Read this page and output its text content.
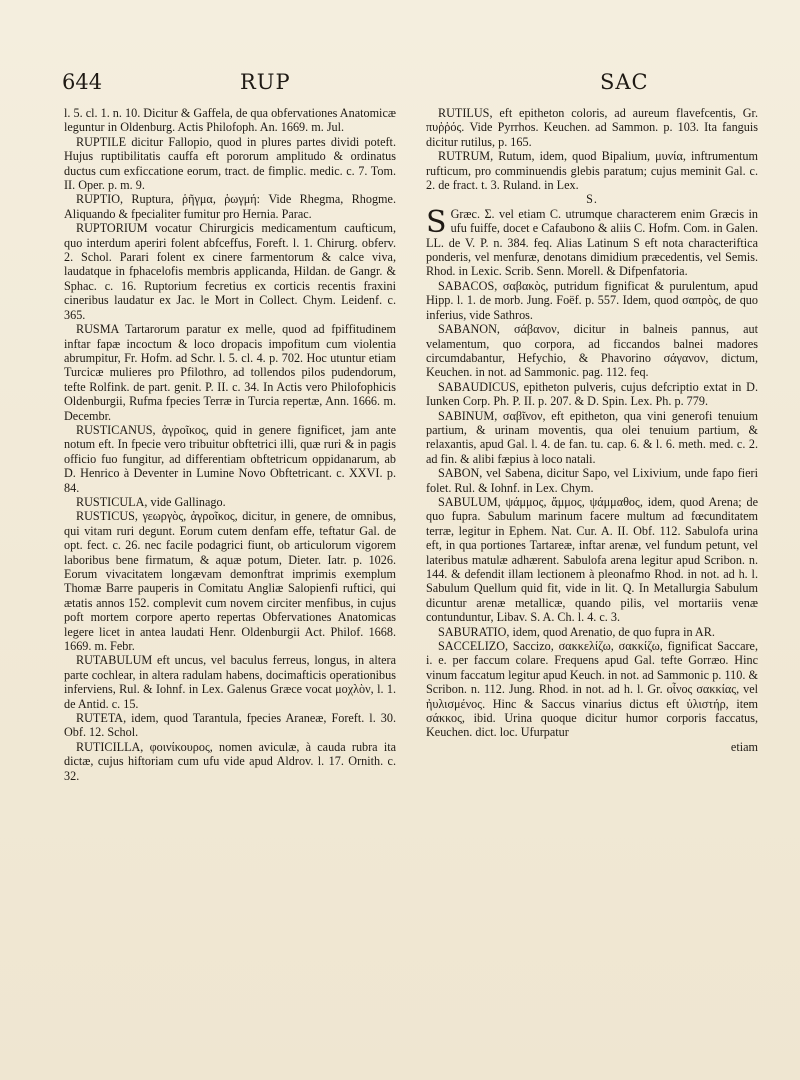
644	RUP	SAC

l. 5. cl. 1. n. 10. Dicitur & Gaffela, de qua obfervationes Anatomicæ leguntur in Oldenburg. Actis Philofoph. An. 1669. m. Jul.

RUPTILE dicitur Fallopio, quod in plures partes dividi poteft. Hujus ruptibilitatis cauffa eft pororum amplitudo & ordinatus ductus cum exficcatione eorum, tract. de fimplic. medic. c. 7. Tom. II. Oper. p. m. 9.

RUPTIO, Ruptura, ῥῆγμα, ῥωγμή: Vide Rhegma, Rhogme. Aliquando & fpecialiter fumitur pro Hernia. Parac.

RUPTORIUM vocatur Chirurgicis medicamentum caufticum, quo interdum aperiri folent abfceffus, Foreft. l. 1. Chirurg. obferv. 2. Schol. Parari folent ex cinere farmentorum & calce viva, laudatque in fphacelofis membris applicanda, Hildan. de Gangr. & Sphac. c. 16. Ruptorium fecretius ex corticis recentis fraxini cineribus laudatur ex Jac. le Mort in Collect. Chym. Leidenf. c. 365.

RUSMA Tartarorum paratur ex melle, quod ad fpiffitudinem inftar fapæ incoctum & loco dropacis impofitum cum violentia abrumpitur, Fr. Hofm. ad Schr. l. 5. cl. 4. p. 702. Hoc utuntur etiam Turcicæ mulieres pro Pfilothro, ad tollendos pilos pudendorum, tefte Rolfink. de part. genit. P. II. c. 34. In Actis vero Philofophicis Oldenburgii, Rufma fpecies Terræ in Turcia repertæ, Ann. 1666. m. Decembr.

RUSTICANUS, ἀγροῖκος, quid in genere fignificet, jam ante notum eft. In fpecie vero tribuitur obftetrici illi, quæ ruri & in pagis officio fuo fungitur, ad differentiam obftetricum oppidanarum, ab D. Henrico à Deventer in Lumine Novo Obftetricant. c. XXVI. p. 84.

RUSTICULA, vide Gallinago.

RUSTICUS, γεωργὸς, ἀγροῖκος, dicitur, in genere, de omnibus, qui vitam ruri degunt. Eorum cutem denfam effe, teftatur Gal. de opt. fect. c. 26. nec facile podagrici fiunt, ob articulorum vigorem laboribus bene firmatum, & aquæ potum, Dieter. Iatr. p. 1026. Eorum vivacitatem longævam demonftrat imprimis exemplum Thomæ Barre pauperis in Comitatu Angliæ Salopienfi ruftici, qui ætatis annos 152. complevit cum novem circiter menfibus, in cujus poft mortem corpore aperto repertas Obfervationes Anatomicas legere licet in antea laudati Henr. Oldenburgii Act. Philof. 1668. 1669. m. Febr.

RUTABULUM eft uncus, vel baculus ferreus, longus, in altera parte cochlear, in altera radulam habens, docimafticis operationibus inferviens, Rul. & Iohnf. in Lex. Galenus Græce vocat μοχλὸν, l. 1. de Antid. c. 15.

RUTETA, idem, quod Tarantula, fpecies Araneæ, Foreft. l. 30. Obf. 12. Schol.

RUTICILLA, φοινίκουρος, nomen aviculæ, à cauda rubra ita dictæ, cujus hiftoriam cum ufu vide apud Aldrov. l. 17. Ornith. c. 32.

RUTILUS, eft epitheton coloris, ad aureum flavefcentis, Gr. πυῤῥός. Vide Pyrrhos. Keuchen. ad Sammon. p. 103. Ita fanguis dicitur rutilus, p. 165.

RUTRUM, Rutum, idem, quod Bipalium, μυνία, inftrumentum rufticum, pro comminuendis glebis paratum; cujus meminit Gal. c. 2. de fract. t. 3. Ruland. in Lex.

S.

S Græc. Σ. vel etiam C. utrumque characterem enim Græcis in ufu fuiffe, docet e Cafaubono & aliis C. Hofm. Com. in Galen. LL. de V. P. n. 384. feq. Alias Latinum S eft nota characteriftica ponderis, vel menfuræ, denotans dimidium præcedentis, vel Semis. Rhod. in Lexic. Scrib. Senn. Morell. & Difpenfatoria.

SABACOS, σαβακὸς, putridum fignificat & purulentum, apud Hipp. l. 1. de morb. Jung. Foëf. p. 557. Idem, quod σαπρὸς, de quo inferius, vide Sathros.

SABANON, σάβανον, dicitur in balneis pannus, aut velamentum, quo corpora, ad ficcandos balnei madores circumdabantur, Hefychio, & Phavorino σάγανον, dictum, Keuchen. in not. ad Sammonic. pag. 112. feq.

SABAUDICUS, epitheton pulveris, cujus defcriptio extat in D. Iunken Corp. Ph. P. II. p. 207. & D. Spin. Lex. Ph. p. 779.

SABINUM, σαβῖνον, eft epitheton, qua vini generofi tenuium partium, & urinam moventis, qua olei tenuium partium, & relaxantis, apud Gal. l. 4. de fan. tu. cap. 6. & l. 6. meth. med. c. 2. ad fin. & alibi fæpius à loco natali.

SABON, vel Sabena, dicitur Sapo, vel Lixivium, unde fapo fieri folet. Rul. & Iohnf. in Lex. Chym.

SABULUM, ψάμμος, ἄμμος, ψάμμαθος, idem, quod Arena; de quo fupra. Sabulum marinum facere multum ad fœcunditatem terræ, legitur in Ephem. Nat. Cur. A. II. Obf. 112. Sabulofa urina eft, in qua portiones Tartareæ, inftar arenæ, vel fundum petunt, vel lateribus matulæ adhærent. Sabulofa arena legitur apud Scribon. n. 144. & defendit illam lectionem à pleonafmo Rhod. in not. ad h. l. Sabulum Quellum quid fit, vide in lit. Q. In Metallurgia Sabulum dicuntur arenæ metallicæ, quando pilis, vel mortariis venæ contunduntur, Libav. S. A. Ch. l. 4. c. 3.

SABURATIO, idem, quod Arenatio, de quo fupra in AR.

SACCELIZO, Saccizo, σακκελίζω, σακκίζω, fignificat Saccare, i. e. per faccum colare. Frequens apud Gal. tefte Gorræo. Hinc vinum faccatum legitur apud Keuch. in not. ad Sammonic p. 110. & Scribon. n. 112. Jung. Rhod. in not. ad h. l. Gr. οἶνος σακκίας, vel ἠυλισμένος. Hinc & Saccus vinarius dictus eft ὑλιστήρ, item σάκκος, ibid. Urina quoque dicitur humor corporis faccatus, Keuchen. dict. loc. Ufurpatur

etiam
